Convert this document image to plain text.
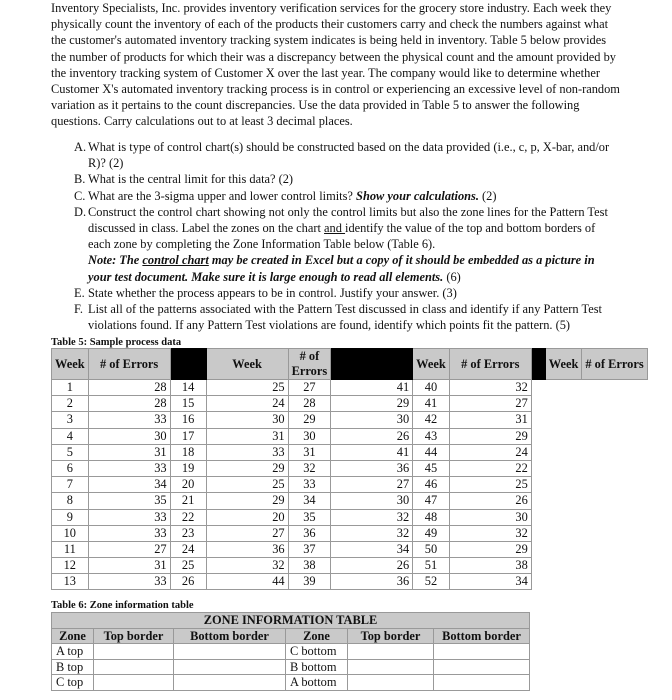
Inventory Specialists, Inc. provides inventory verification services for the grocery store industry. Each week they physically count the inventory of each of the products their customers carry and check the numbers against what the customer's automated inventory tracking system indicates is being held in inventory. Table 5 below provides the number of products for which their was a discrepancy between the physical count and the amount provided by the inventory tracking system of Customer X over the last year. The company would like to determine whether Customer X's automated inventory tracking process is in control or experiencing an excessive level of non-random variation as it pertains to the count discrepancies. Use the data provided in Table 5 to answer the following questions. Carry calculations out to at least 3 decimal places.

A. What is type of control chart(s) should be constructed based on the data provided (i.e., c, p, X-bar, and/or R)? (2)
B. What is the central limit for this data? (2)
C. What are the 3-sigma upper and lower control limits? Show your calculations. (2)
D. Construct the control chart showing not only the control limits but also the zone lines for the Pattern Test discussed in class. Label the zones on the chart and identify the value of the top and bottom borders of each zone by completing the Zone Information Table below (Table 6).
Note: The control chart may be created in Excel but a copy of it should be embedded as a picture in your test document. Make sure it is large enough to read all elements. (6)
E. State whether the process appears to be in control. Justify your answer. (3)
F. List all of the patterns associated with the Pattern Test discussed in class and identify if any Pattern Test violations found. If any Pattern Test violations are found, identify which points fit the pattern. (5)
Table 5: Sample process data
Week	# of Errors		Week	# of Errors		Week	# of Errors		Week	# of Errors
1	28	14	25	27	41	40	32			
2	28	15	24	28	29	41	27			
3	33	16	30	29	30	42	31			
4	30	17	31	30	26	43	29			
5	31	18	33	31	41	44	24			
6	33	19	29	32	36	45	22			
7	34	20	25	33	27	46	25			
8	35	21	29	34	30	47	26			
9	33	22	20	35	32	48	30			
10	33	23	27	36	32	49	32			
11	27	24	36	37	34	50	29			
12	31	25	32	38	26	51	38			
13	33	26	44	39	36	52	34			
Table 6: Zone information table
ZONE INFORMATION TABLE					
Zone	Top border	Bottom border	Zone	Top border	Bottom border
A top			C bottom		
B top			B bottom		
C top			A bottom		
